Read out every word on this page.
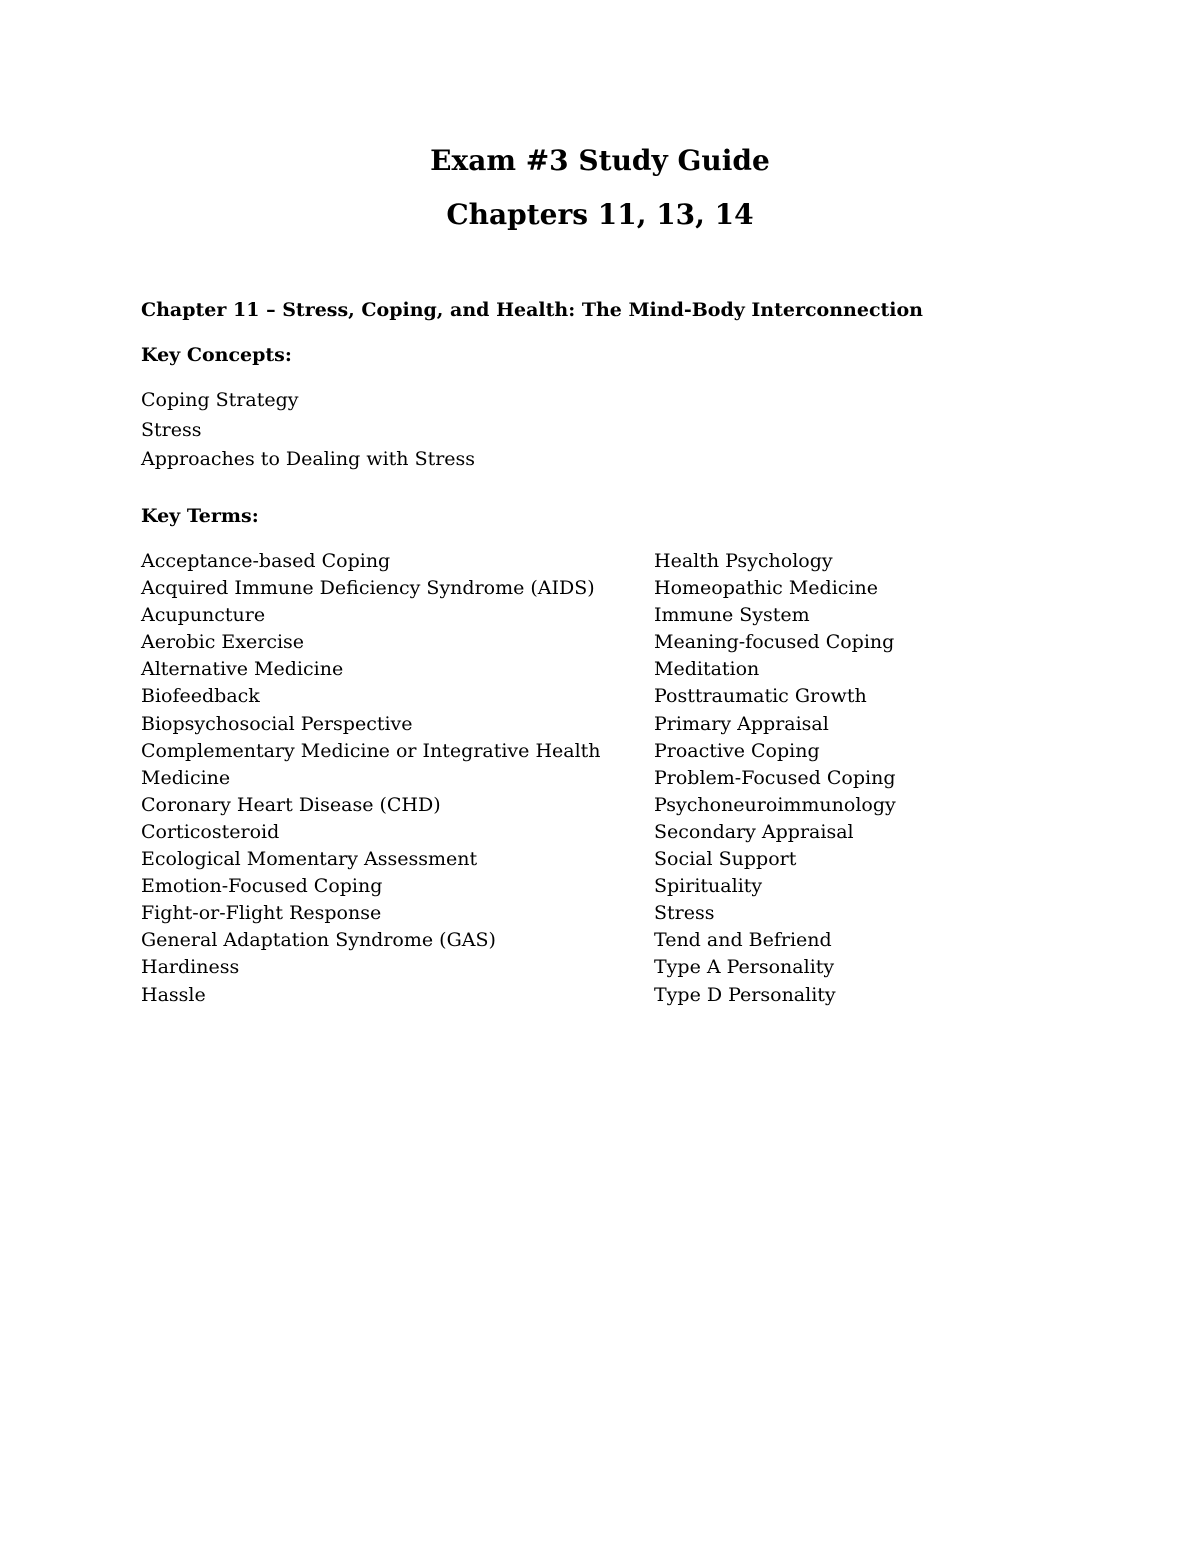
Exam #3 Study Guide
Chapters 11, 13, 14
Chapter 11 – Stress, Coping, and Health: The Mind-Body Interconnection
Key Concepts:
Coping Strategy
Stress
Approaches to Dealing with Stress
Key Terms:
Acceptance-based Coping
Acquired Immune Deficiency Syndrome (AIDS)
Acupuncture
Aerobic Exercise
Alternative Medicine
Biofeedback
Biopsychosocial Perspective
Complementary Medicine or Integrative Health
Medicine
Coronary Heart Disease (CHD)
Corticosteroid
Ecological Momentary Assessment
Emotion-Focused Coping
Fight-or-Flight Response
General Adaptation Syndrome (GAS)
Hardiness
Hassle
Health Psychology
Homeopathic Medicine
Immune System
Meaning-focused Coping
Meditation
Posttraumatic Growth
Primary Appraisal
Proactive Coping
Problem-Focused Coping
Psychoneuroimmunology
Secondary Appraisal
Social Support
Spirituality
Stress
Tend and Befriend
Type A Personality
Type D Personality
